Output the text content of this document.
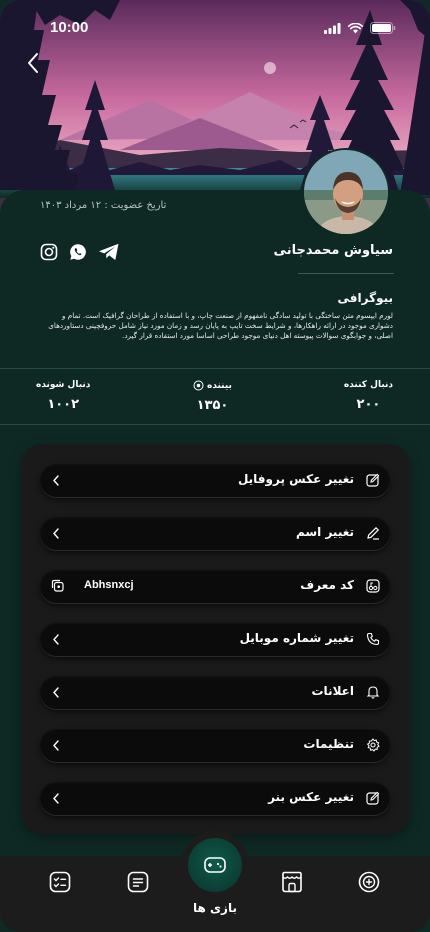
10:00
تاریخ عضویت : ۱۲ مرداد ۱۴۰۳
سیاوش محمدجانی
بیوگرافی
لورم ایپسوم متن ساختگی با تولید سادگی نامفهوم از صنعت چاپ، و با استفاده از طراحان گرافیک است. تمام و دشواری موجود در ارائه راهکارها، و شرایط سخت تایپ به پایان رسد و زمان مورد نیاز شامل حروفچینی دستاوردهای اصلی، و جوابگوی سوالات پیوسته اهل دنیای موجود طراحی اساسا مورد استفاده قرار گیرد.
دنبال کننده
۲۰۰
بیننده
۱۳۵۰
دنبال شونده
۱۰۰۲
تغییر عکس پروفایل
تغییر اسم
کد معرف
Abhsnxcj
تغییر شماره موبایل
اعلانات
تنظیمات
تغییر عکس بنر
بازی ها
